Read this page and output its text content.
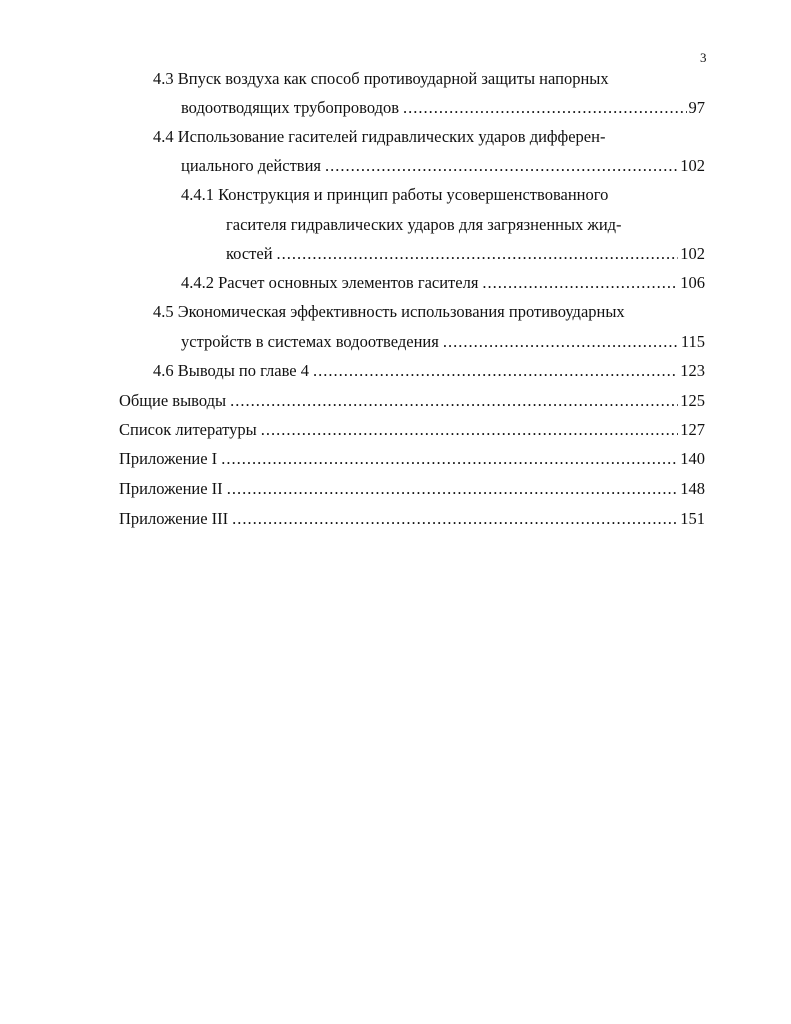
3
4.3 Впуск воздуха как способ противоударной защиты напорных
водоотводящих трубопроводов .....	97
4.4 Использование гасителей гидравлических ударов дифферен-
циального действия .....	102
4.4.1 Конструкция и принцип работы усовершенствованного
гасителя гидравлических ударов для загрязненных жид-
костей .....	102
4.4.2 Расчет основных элементов гасителя .....	106
4.5 Экономическая эффективность использования противоударных
устройств в системах водоотведения .....	115
4.6 Выводы по главе 4 .....	123
Общие выводы .....	125
Список литературы .....	127
Приложение I .....	140
Приложение II .....	148
Приложение III .....	151
